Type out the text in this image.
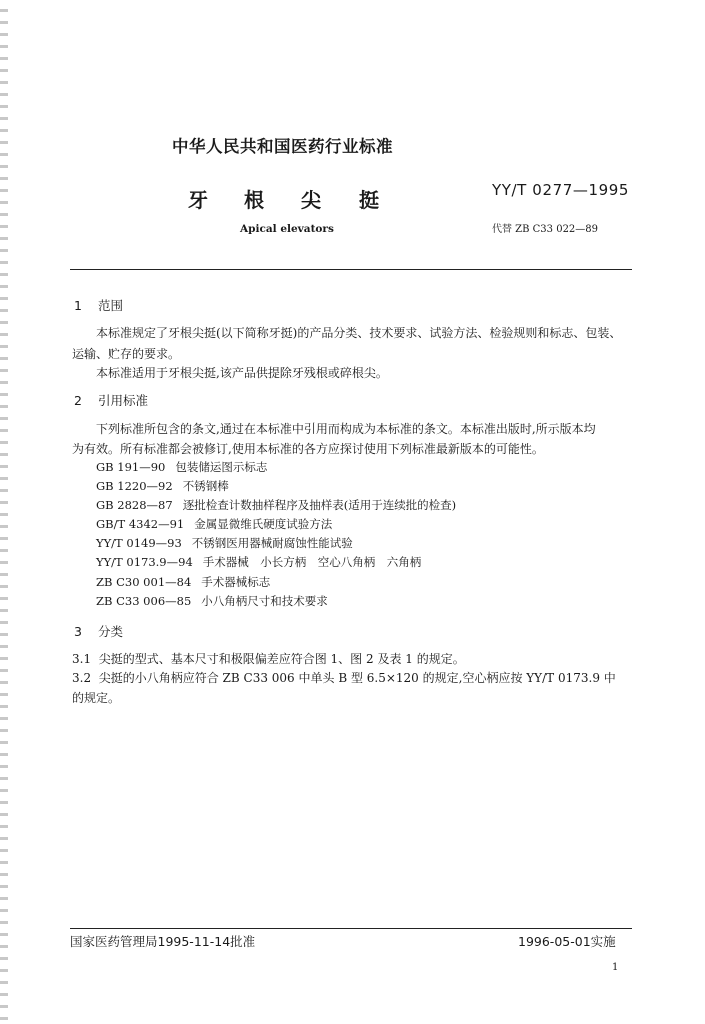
中华人民共和国医药行业标准
牙 根 尖 挺	YY/T 0277—1995
代替 ZB C33 022—89
Apical elevators
1 范围
本标准规定了牙根尖挺(以下简称牙挺)的产品分类、技术要求、试验方法、检验规则和标志、包装、
运输、贮存的要求。
本标准适用于牙根尖挺,该产品供提除牙残根或碎根尖。
2 引用标准
下列标准所包含的条文,通过在本标准中引用而构成为本标准的条文。本标准出版时,所示版本均
为有效。所有标准都会被修订,使用本标准的各方应探讨使用下列标准最新版本的可能性。
GB 191—90 包装储运图示标志
GB 1220—92 不锈钢棒
GB 2828—87 逐批检查计数抽样程序及抽样表(适用于连续批的检查)
GB/T 4342—91 金属显微维氏硬度试验方法
YY/T 0149—93 不锈钢医用器械耐腐蚀性能试验
YY/T 0173.9—94 手术器械　小长方柄　空心八角柄　六角柄
ZB C30 001—84 手术器械标志
ZB C33 006—85 小八角柄尺寸和技术要求
3 分类
3.1 尖挺的型式、基本尺寸和极限偏差应符合图 1、图 2 及表 1 的规定。
3.2 尖挺的小八角柄应符合 ZB C33 006 中单头 B 型 6.5×120 的规定,空心柄应按 YY/T 0173.9 中
的规定。
国家医药管理局1995-11-14批准	1996-05-01实施
1
